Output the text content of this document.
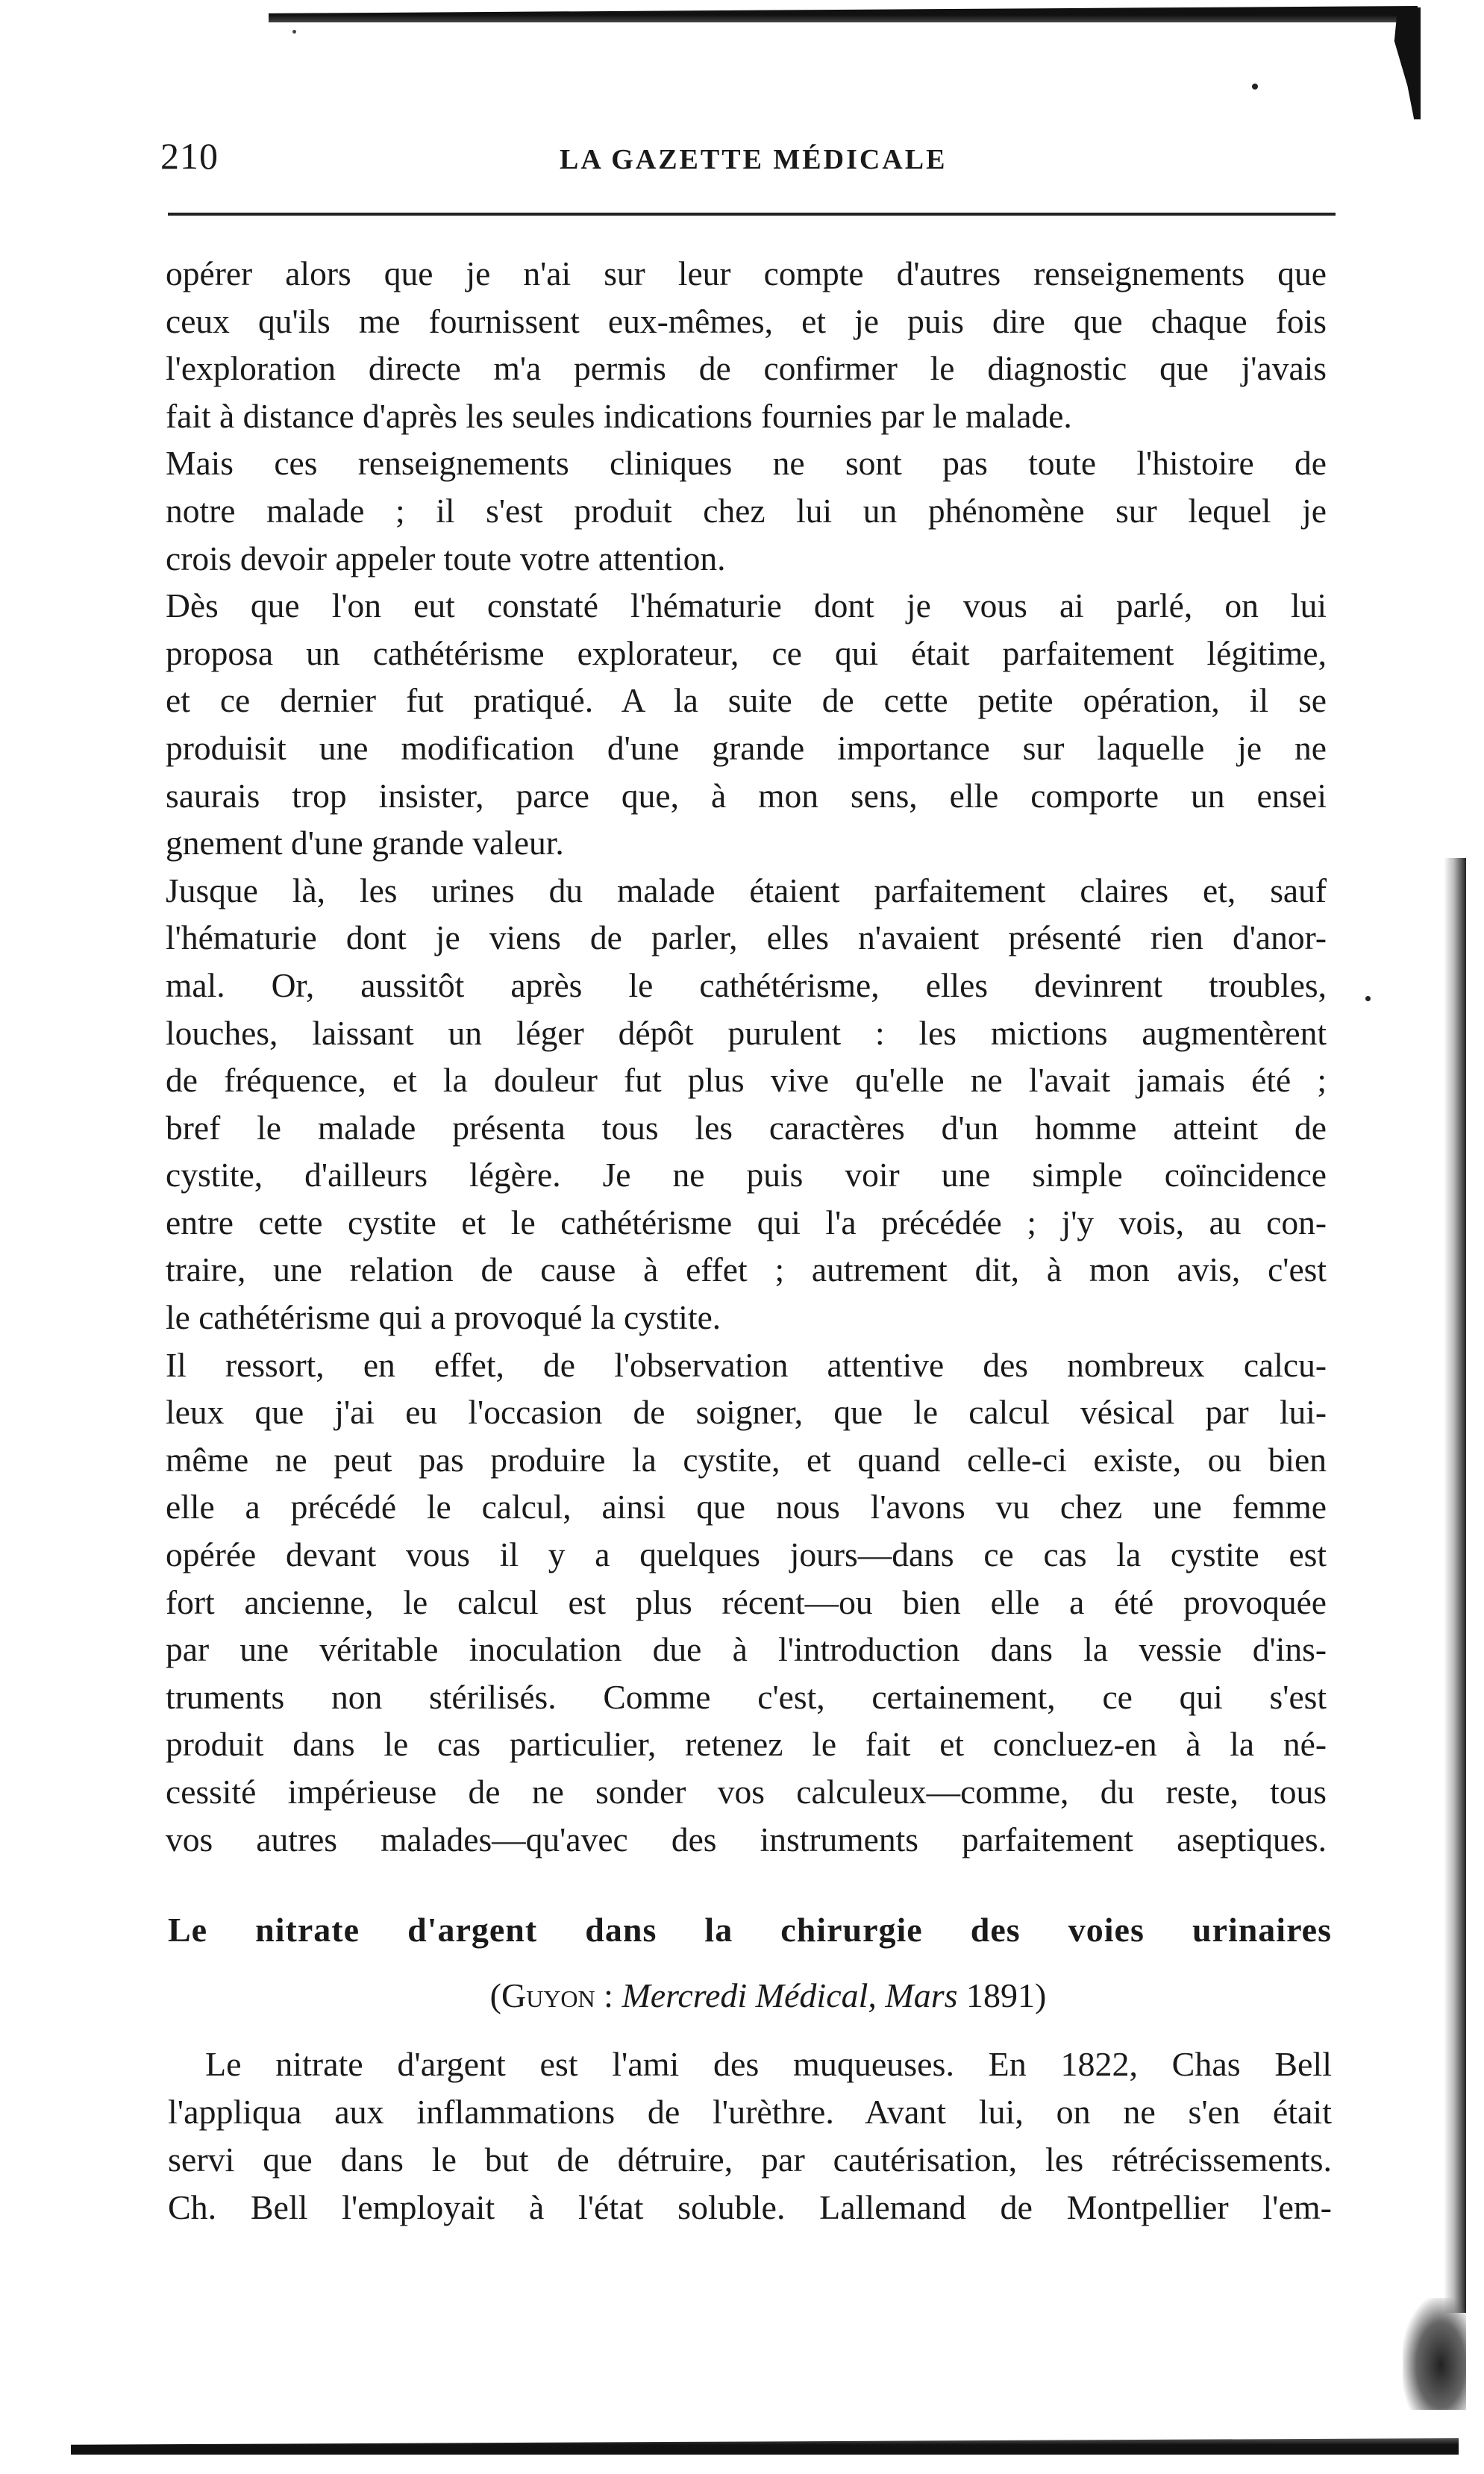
210	LA GAZETTE MÉDICALE
opérer alors que je n'ai sur leur compte d'autres renseignements que
ceux qu'ils me fournissent eux-mêmes, et je puis dire que chaque fois
l'exploration directe m'a permis de confirmer le diagnostic que j'avais
fait à distance d'après les seules indications fournies par le malade.
Mais ces renseignements cliniques ne sont pas toute l'histoire de
notre malade ; il s'est produit chez lui un phénomène sur lequel je
crois devoir appeler toute votre attention.
Dès que l'on eut constaté l'hématurie dont je vous ai parlé, on lui
proposa un cathétérisme explorateur, ce qui était parfaitement légitime,
et ce dernier fut pratiqué. A la suite de cette petite opération, il se
produisit une modification d'une grande importance sur laquelle je ne
saurais trop insister, parce que, à mon sens, elle comporte un ensei
gnement d'une grande valeur.
Jusque là, les urines du malade étaient parfaitement claires et, sauf
l'hématurie dont je viens de parler, elles n'avaient présenté rien d'anor-
mal. Or, aussitôt après le cathétérisme, elles devinrent troubles,
louches, laissant un léger dépôt purulent : les mictions augmentèrent
de fréquence, et la douleur fut plus vive qu'elle ne l'avait jamais été ;
bref le malade présenta tous les caractères d'un homme atteint de
cystite, d'ailleurs légère. Je ne puis voir une simple coïncidence
entre cette cystite et le cathétérisme qui l'a précédée ; j'y vois, au con-
traire, une relation de cause à effet ; autrement dit, à mon avis, c'est
le cathétérisme qui a provoqué la cystite.
Il ressort, en effet, de l'observation attentive des nombreux calcu-
leux que j'ai eu l'occasion de soigner, que le calcul vésical par lui-
même ne peut pas produire la cystite, et quand celle-ci existe, ou bien
elle a précédé le calcul, ainsi que nous l'avons vu chez une femme
opérée devant vous il y a quelques jours—dans ce cas la cystite est
fort ancienne, le calcul est plus récent—ou bien elle a été provoquée
par une véritable inoculation due à l'introduction dans la vessie d'ins-
truments non stérilisés. Comme c'est, certainement, ce qui s'est
produit dans le cas particulier, retenez le fait et concluez-en à la né-
cessité impérieuse de ne sonder vos calculeux—comme, du reste, tous
vos autres malades—qu'avec des instruments parfaitement aseptiques.
Le nitrate d'argent dans la chirurgie des voies urinaires
(Guyon : Mercredi Médical, Mars 1891)
Le nitrate d'argent est l'ami des muqueuses. En 1822, Chas Bell
l'appliqua aux inflammations de l'urèthre. Avant lui, on ne s'en était
servi que dans le but de détruire, par cautérisation, les rétrécissements.
Ch. Bell l'employait à l'état soluble. Lallemand de Montpellier l'em-
